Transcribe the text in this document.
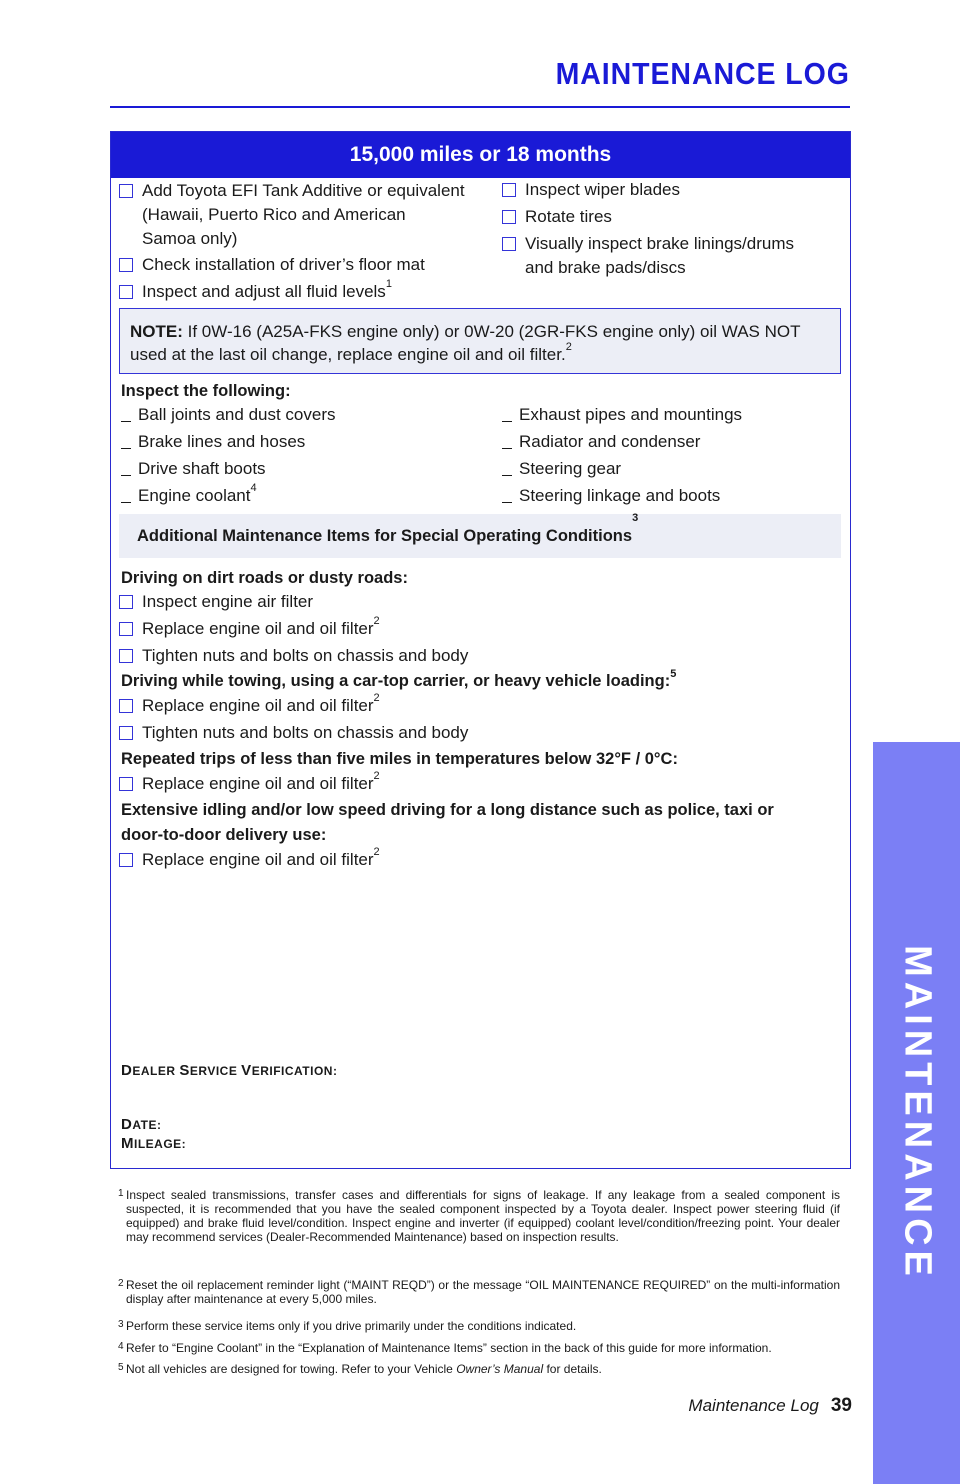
MAINTENANCE LOG
MAINTENANCE
15,000 miles or 18 months
Add Toyota EFI Tank Additive or equivalent
(Hawaii, Puerto Rico and American
Samoa only)
Check installation of driver’s floor mat
Inspect and adjust all fluid levels$^1$
Inspect wiper blades
Rotate tires
Visually inspect brake linings/drums
and brake pads/discs
NOTE: If 0W-16 (A25A-FKS engine only) or 0W-20 (2GR-FKS engine only) oil WAS NOT
used at the last oil change, replace engine oil and oil filter.$^2$
Inspect the following:
Ball joints and dust covers
Brake lines and hoses
Drive shaft boots
Engine coolant$^4$
Exhaust pipes and mountings
Radiator and condenser
Steering gear
Steering linkage and boots
Additional Maintenance Items for Special Operating Conditions$^3$
Driving on dirt roads or dusty roads:
Inspect engine air filter
Replace engine oil and oil filter$^2$
Tighten nuts and bolts on chassis and body
Driving while towing, using a car-top carrier, or heavy vehicle loading:$^5$
Replace engine oil and oil filter$^2$
Tighten nuts and bolts on chassis and body
Repeated trips of less than five miles in temperatures below 32°F / 0°C:
Replace engine oil and oil filter$^2$
Extensive idling and/or low speed driving for a long distance such as police, taxi or
door-to-door delivery use:
Replace engine oil and oil filter$^2$
DEALER SERVICE VERIFICATION:
DATE:
MILEAGE:
1 Inspect sealed transmissions, transfer cases and differentials for signs of leakage. If any leakage from a sealed component is suspected, it is recommended that you have the sealed component inspected by a Toyota dealer. Inspect power steering fluid (if equipped) and brake fluid level/condition. Inspect engine and inverter (if equipped) coolant level/condition/freezing point. Your dealer may recommend services (Dealer-Recommended Maintenance) based on inspection results.
2 Reset the oil replacement reminder light (“MAINT REQD”) or the message “OIL MAINTENANCE REQUIRED” on the multi-information display after maintenance at every 5,000 miles.
3 Perform these service items only if you drive primarily under the conditions indicated.
4 Refer to “Engine Coolant” in the “Explanation of Maintenance Items” section in the back of this guide for more information.
5 Not all vehicles are designed for towing. Refer to your Vehicle Owner’s Manual for details.
Maintenance Log 39
